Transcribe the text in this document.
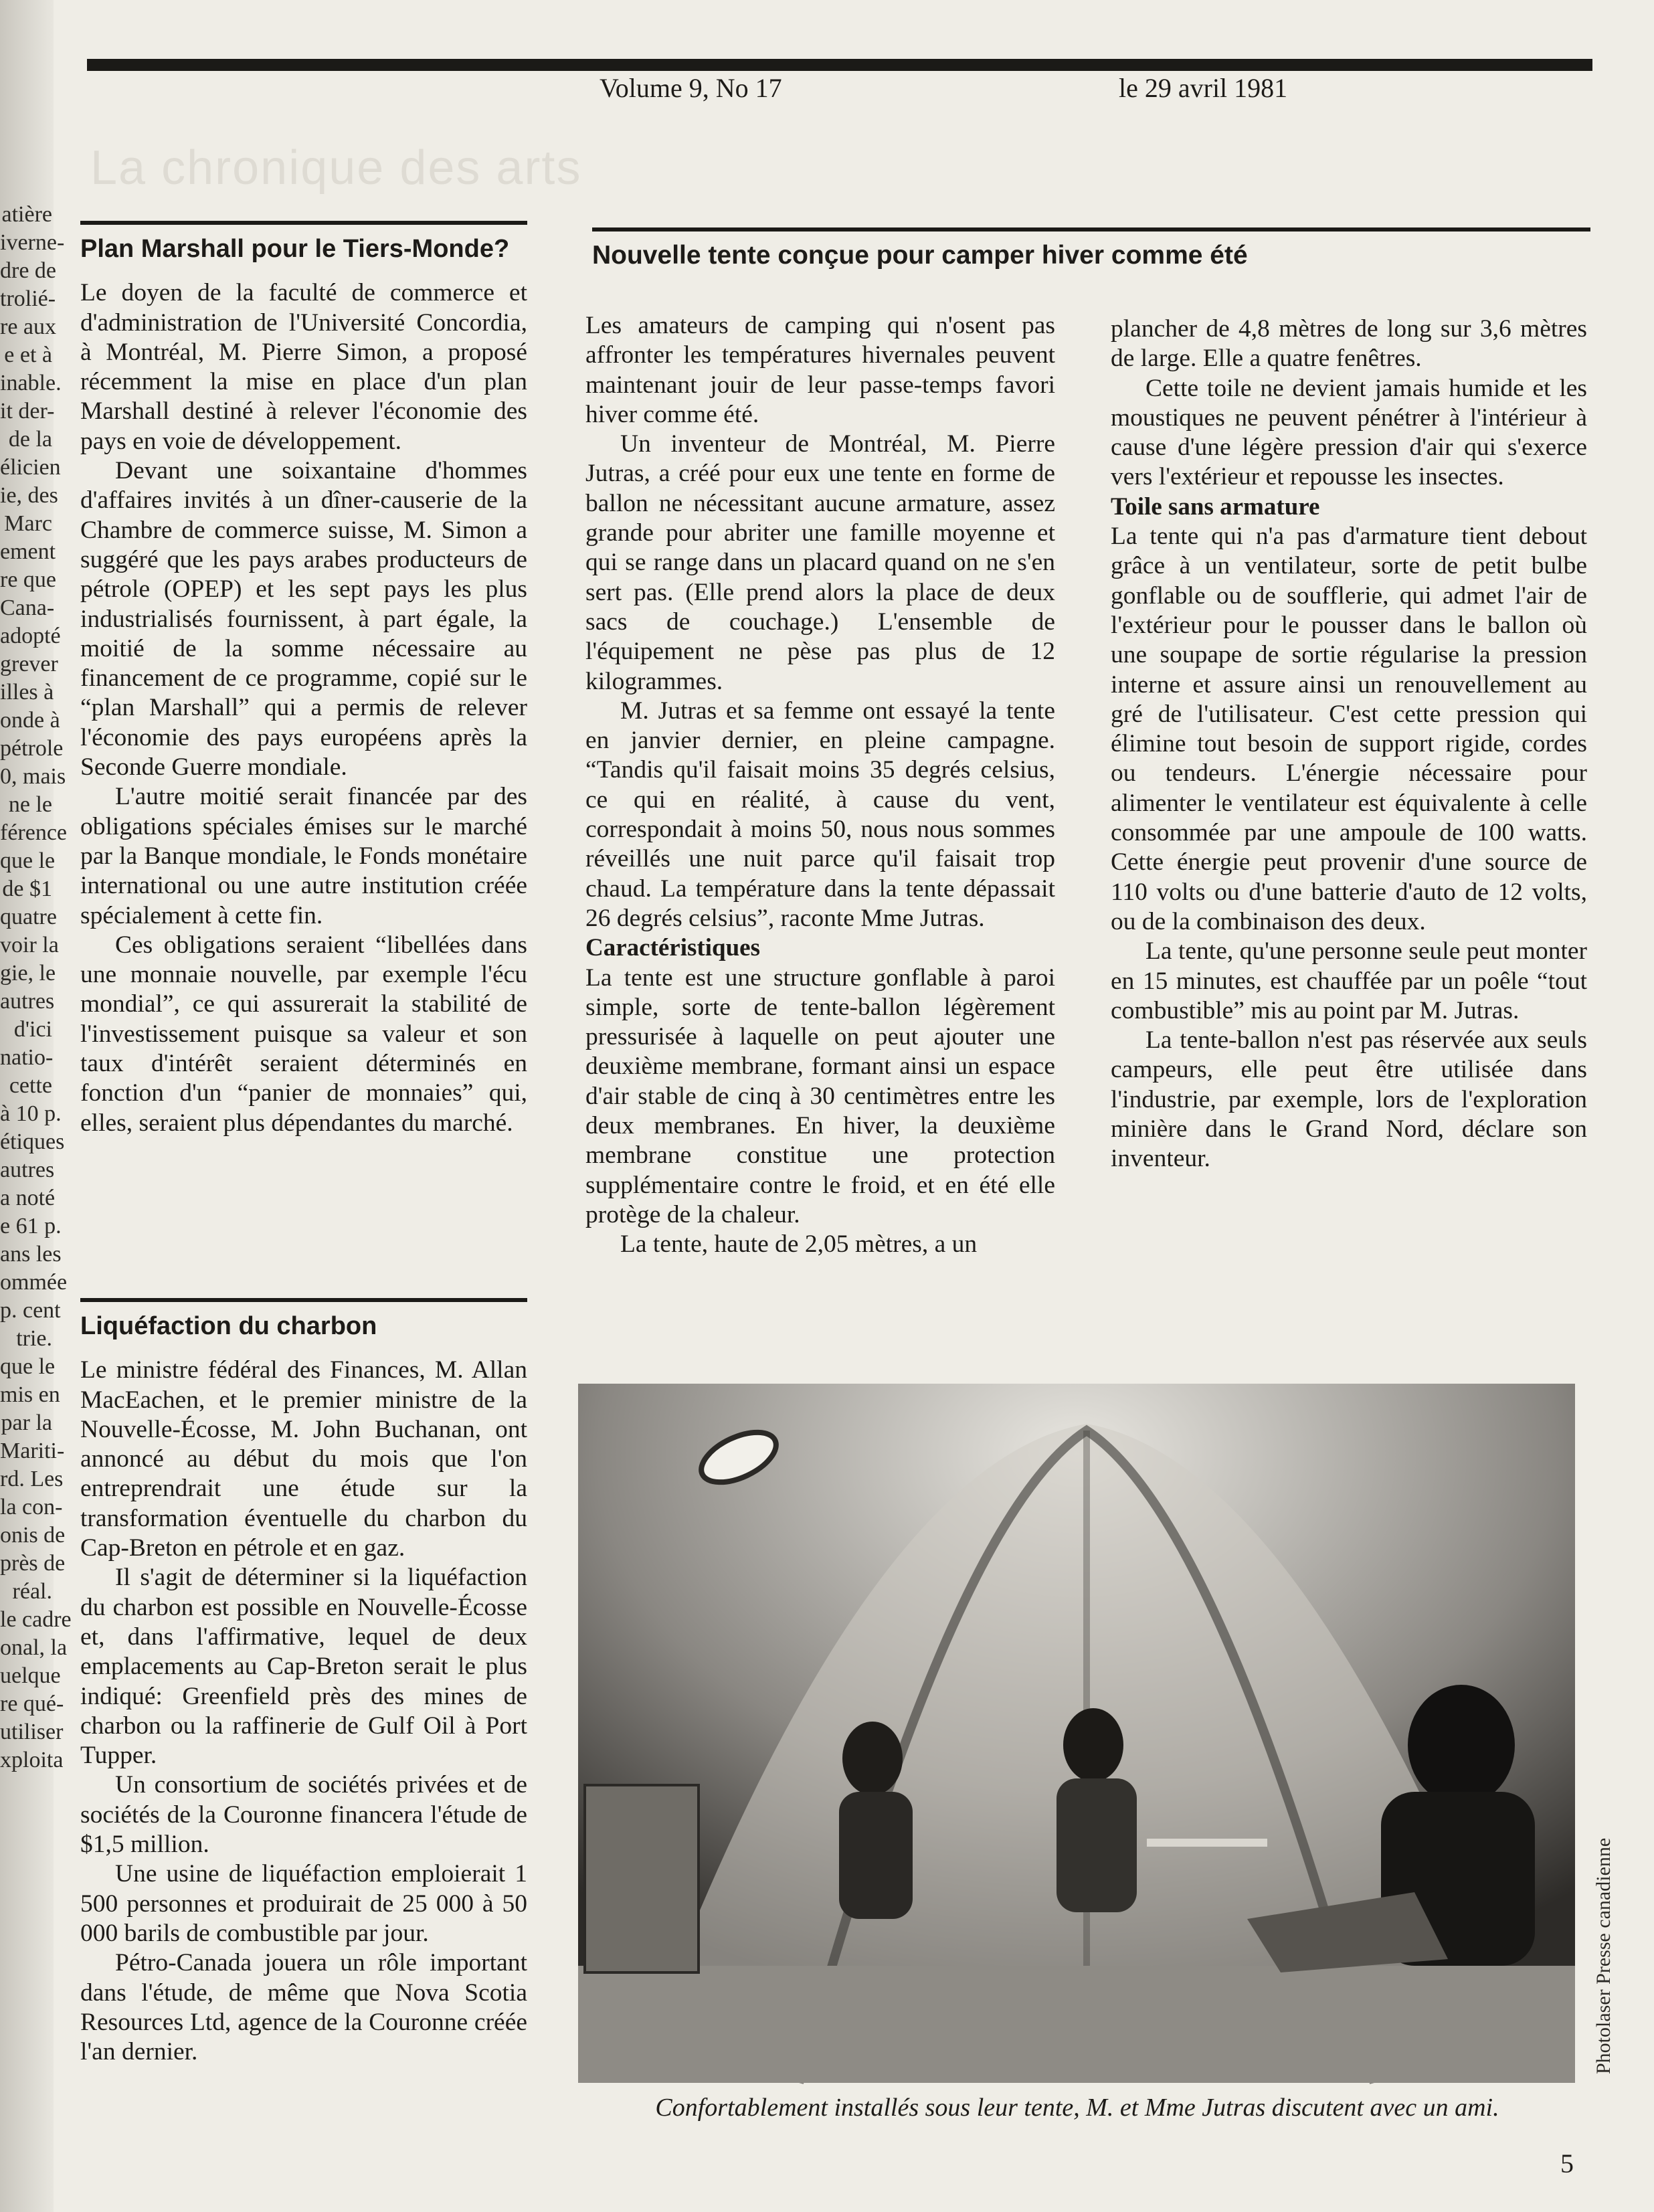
atière

iverne-

dre de

trolié-

re aux

e et à

inable.

it der-

de la

élicien

ie, des

Marc

ement

re que

Cana-

adopté

grever

illes à

onde à

pétrole

0, mais

ne le

férence

que le

de $1

quatre

voir la

gie, le

autres

d'ici

natio-

cette

à 10 p.

étiques

autres

a noté

e 61 p.

ans les

ommée

p. cent

trie.

que le

mis en

par la

Mariti-

rd. Les

la con-

onis de

près de

réal.

le cadre

onal, la

uelque

re qué-

utiliser

xploita

Volume 9, No 17	le 29 avril 1981
La chronique des arts
Plan Marshall pour le Tiers-Monde?

Le doyen de la faculté de commerce et d'administration de l'Université Concordia, à Montréal, M. Pierre Simon, a proposé récemment la mise en place d'un plan Marshall destiné à relever l'économie des pays en voie de développement.

Devant une soixantaine d'hommes d'affaires invités à un dîner-causerie de la Chambre de commerce suisse, M. Simon a suggéré que les pays arabes producteurs de pétrole (OPEP) et les sept pays les plus industrialisés fournissent, à part égale, la moitié de la somme nécessaire au financement de ce programme, copié sur le “plan Marshall” qui a permis de relever l'économie des pays européens après la Seconde Guerre mondiale.

L'autre moitié serait financée par des obligations spéciales émises sur le marché par la Banque mondiale, le Fonds monétaire international ou une autre institution créée spécialement à cette fin.

Ces obligations seraient “libellées dans une monnaie nouvelle, par exemple l'écu mondial”, ce qui assurerait la stabilité de l'investissement puisque sa valeur et son taux d'intérêt seraient déterminés en fonction d'un “panier de monnaies” qui, elles, seraient plus dépendantes du marché.

Liquéfaction du charbon

Le ministre fédéral des Finances, M. Allan MacEachen, et le premier ministre de la Nouvelle-Écosse, M. John Buchanan, ont annoncé au début du mois que l'on entreprendrait une étude sur la transformation éventuelle du charbon du Cap-Breton en pétrole et en gaz.

Il s'agit de déterminer si la liquéfaction du charbon est possible en Nouvelle-Écosse et, dans l'affirmative, lequel de deux emplacements au Cap-Breton serait le plus indiqué: Greenfield près des mines de charbon ou la raffinerie de Gulf Oil à Port Tupper.

Un consortium de sociétés privées et de sociétés de la Couronne financera l'étude de $1,5 million.

Une usine de liquéfaction emploierait 1 500 personnes et produirait de 25 000 à 50 000 barils de combustible par jour.

Pétro-Canada jouera un rôle important dans l'étude, de même que Nova Scotia Resources Ltd, agence de la Couronne créée l'an dernier.

Nouvelle tente conçue pour camper hiver comme été

Les amateurs de camping qui n'osent pas affronter les températures hivernales peuvent maintenant jouir de leur passe-temps favori hiver comme été.

Un inventeur de Montréal, M. Pierre Jutras, a créé pour eux une tente en forme de ballon ne nécessitant aucune armature, assez grande pour abriter une famille moyenne et qui se range dans un placard quand on ne s'en sert pas. (Elle prend alors la place de deux sacs de couchage.) L'ensemble de l'équipement ne pèse pas plus de 12 kilogrammes.

M. Jutras et sa femme ont essayé la tente en janvier dernier, en pleine campagne. “Tandis qu'il faisait moins 35 degrés celsius, ce qui en réalité, à cause du vent, correspondait à moins 50, nous nous sommes réveillés une nuit parce qu'il faisait trop chaud. La température dans la tente dépassait 26 degrés celsius”, raconte Mme Jutras.

Caractéristiques

La tente est une structure gonflable à paroi simple, sorte de tente-ballon légèrement pressurisée à laquelle on peut ajouter une deuxième membrane, formant ainsi un espace d'air stable de cinq à 30 centimètres entre les deux membranes. En hiver, la deuxième membrane constitue une protection supplémentaire contre le froid, et en été elle protège de la chaleur.

La tente, haute de 2,05 mètres, a un

plancher de 4,8 mètres de long sur 3,6 mètres de large. Elle a quatre fenêtres.

Cette toile ne devient jamais humide et les moustiques ne peuvent pénétrer à l'intérieur à cause d'une légère pression d'air qui s'exerce vers l'extérieur et repousse les insectes.

Toile sans armature

La tente qui n'a pas d'armature tient debout grâce à un ventilateur, sorte de petit bulbe gonflable ou de soufflerie, qui admet l'air de l'extérieur pour le pousser dans le ballon où une soupape de sortie régularise la pression interne et assure ainsi un renouvellement au gré de l'utilisateur. C'est cette pression qui élimine tout besoin de support rigide, cordes ou tendeurs. L'énergie nécessaire pour alimenter le ventilateur est équivalente à celle consommée par une ampoule de 100 watts. Cette énergie peut provenir d'une source de 110 volts ou d'une batterie d'auto de 12 volts, ou de la combinaison des deux.

La tente, qu'une personne seule peut monter en 15 minutes, est chauffée par un poêle “tout combustible” mis au point par M. Jutras.

La tente-ballon n'est pas réservée aux seuls campeurs, elle peut être utilisée dans l'industrie, par exemple, lors de l'exploration minière dans le Grand Nord, déclare son inventeur.

Photolaser Presse canadienne
Confortablement installés sous leur tente, M. et Mme Jutras discutent avec un ami.
5
